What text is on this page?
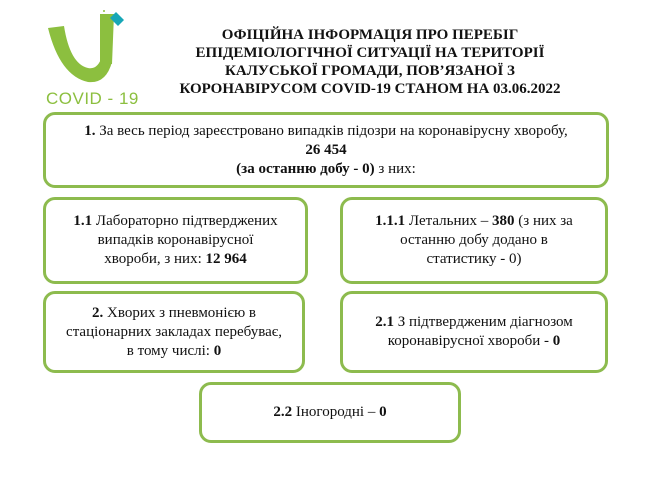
COVID - 19
ОФІЦІЙНА ІНФОРМАЦІЯ ПРО ПЕРЕБІГ
ЕПІДЕМІОЛОГІЧНОЇ СИТУАЦІЇ НА ТЕРИТОРІЇ
КАЛУСЬКОЇ ГРОМАДИ, ПОВ’ЯЗАНОЇ З
КОРОНАВІРУСОМ COVID-19 СТАНОМ НА 03.06.2022
1. За весь період зареєстровано випадків підозри на коронавірусну хворобу,
26 454
(за останню добу - 0) з них:
1.1 Лабораторно підтверджених
випадків коронавірусної
хвороби, з них: 12 964
1.1.1 Летальних – 380 (з них за
останню добу додано в
статистику - 0)
2. Хворих з пневмонією в
стаціонарних закладах перебуває,
в тому числі: 0
2.1 З підтвердженим діагнозом
коронавірусної хвороби - 0
2.2 Іногородні – 0
